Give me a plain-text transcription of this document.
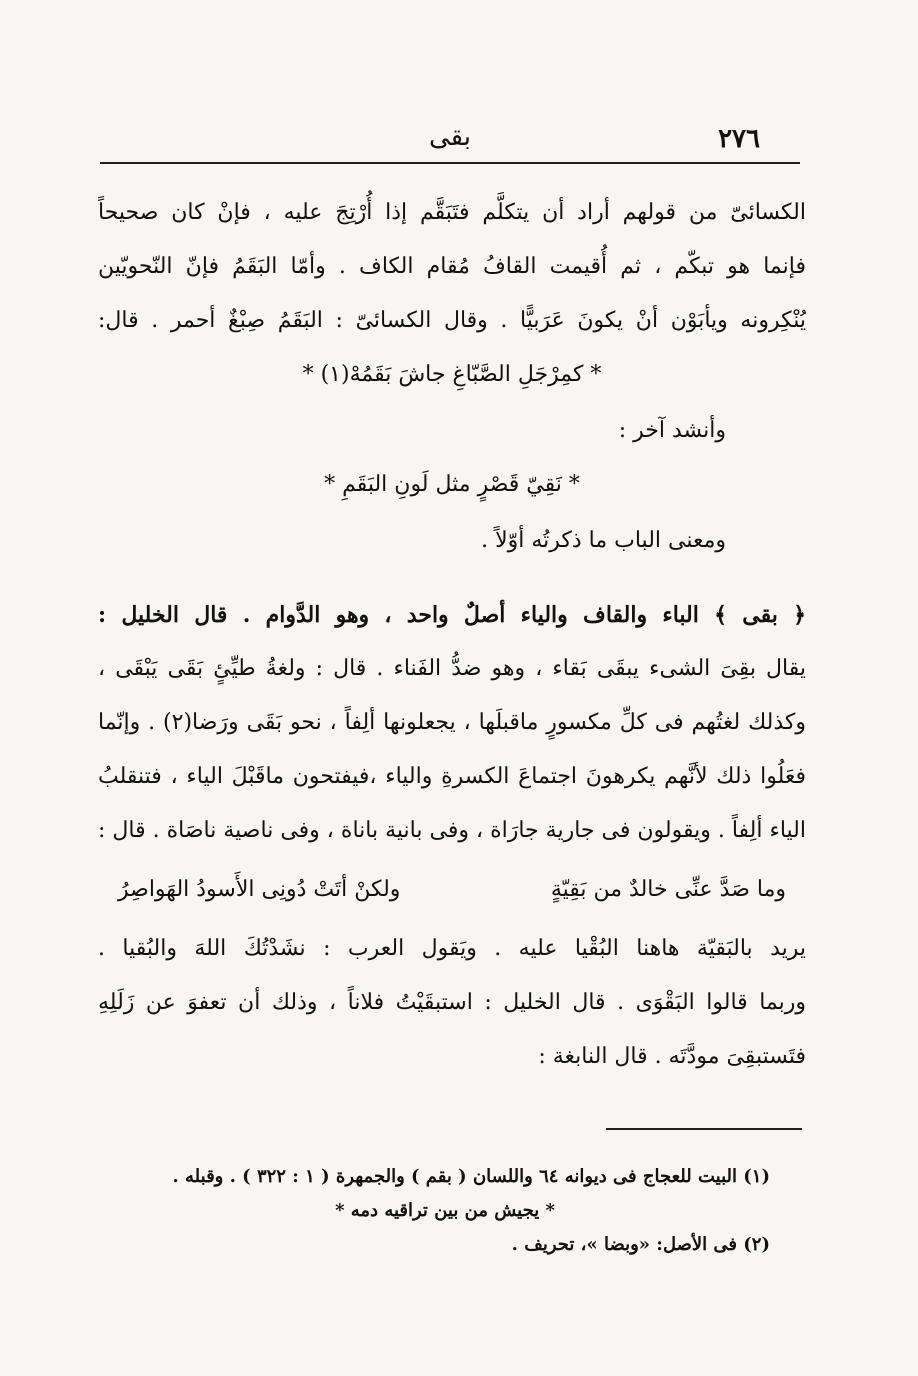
٢٧٦
بقى
الكسائىّ من قولهم أراد أن يتكلَّم فتَبَقَّم إذا أُرْتِجَ عليه ، فإنْ كان صحيحاً
فإنما هو تبكّم ، ثم أُقيمت القافُ مُقام الكاف . وأمّا البَقَمُ فإنّ النّحويّين
يُنْكِرونه ويأبَوْن أنْ يكونَ عَرَبيًّا . وقال الكسائىّ : البَقَمُ صِبْغٌ أحمر . قال:
* كمِرْجَلِ الصَّبّاغِ جاشَ بَقَمُهْ(١) *
وأنشد آخر :
* نَقِيّ قَصْرٍ مثل لَونِ البَقَمِ *
ومعنى الباب ما ذكرتُه أوّلاً .
﴿ بقى ﴾ الباء والقاف والياء أصلٌ واحد ، وهو الدَّوام . قال الخليل :
يقال بقِىَ الشىء يبقَى بَقاء ، وهو ضدُّ الفَناء . قال : ولغةُ طيِّئٍ بَقَى يَبْقَى ،
وكذلك لغتُهم فى كلِّ مكسورٍ ماقبلَها ، يجعلونها ألِفاً ، نحو بَقَى ورَضا(٢) . وإنّما
فعَلُوا ذلك لأنَّهم يكرهونَ اجتماعَ الكسرةِ والياء ،فيفتحون ماقَبْلَ الياء ، فتنقلبُ
الياء ألِفاً . ويقولون فى جارية جارَاة ، وفى بانية باناة ، وفى ناصية ناصَاة . قال :
وما صَدَّ عنِّى خالدٌ من بَقِيّةٍ
ولكنْ أتَتْ دُونِى الأَسودُ الهَواصِرُ
يريد بالبَقيّة هاهنا البُقْيا عليه . ويَقول العرب : نشَدْتُكَ اللهَ والبُقيا .
وربما قالوا البَقْوَى . قال الخليل : استبقَيْتُ فلاناً ، وذلك أن تعفوَ عن زَلَلِهِ
فتَستبقِىَ مودَّتَه . قال النابغة :
(١) البيت للعجاج فى ديوانه ٦٤ واللسان ( بقم ) والجمهرة ( ١ : ٣٢٢ ) . وقبله .
* يجيش من بين تراقيه دمه *
(٢) فى الأصل: «وبضا »، تحريف .
